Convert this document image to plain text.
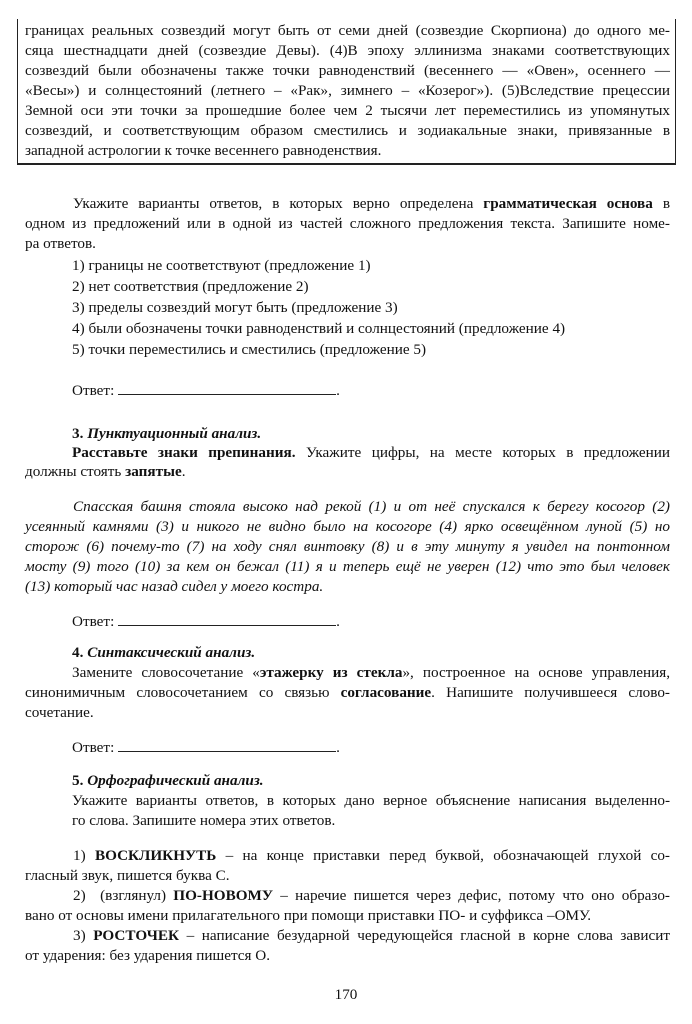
границах реальных созвездий могут быть от семи дней (созвездие Скорпиона) до одного ме-
сяца шестнадцати дней (созвездие Девы). (4)В эпоху эллинизма знаками соответствующих
созвездий были обозначены также точки равноденствий (весеннего — «Овен», осеннего —
«Весы») и солнцестояний (летнего – «Рак», зимнего – «Козерог»). (5)Вследствие прецессии
Земной оси эти точки за прошедшие более чем 2 тысячи лет переместились из упомянутых
созвездий, и соответствующим образом сместились и зодиакальные знаки, привязанные в
западной астрологии к точке весеннего равноденствия.
Укажите варианты ответов, в которых верно определена грамматическая основа в
одном из предложений или в одной из частей сложного предложения текста. Запишите номе-
ра ответов.
1) границы не соответствуют (предложение 1)
2) нет соответствия (предложение 2)
3) пределы созвездий могут быть (предложение 3)
4) были обозначены точки равноденствий и солнцестояний (предложение 4)
5) точки переместились и сместились (предложение 5)
Ответ:	.
3. Пунктуационный анализ.
Расставьте знаки препинания. Укажите цифры, на месте которых в предложении
должны стоять запятые.
Спасская башня стояла высоко над рекой (1) и от неё спускался к берегу косогор (2)
усеянный камнями (3) и никого не видно было на косогоре (4) ярко освещённом луной (5) но
сторож (6) почему-то (7) на ходу снял винтовку (8) и в эту минуту я увидел на понтонном
мосту (9) того (10) за кем он бежал (11) я и теперь ещё не уверен (12) что это был человек
(13) который час назад сидел у моего костра.
Ответ:	.
4. Синтаксический анализ.
Замените словосочетание «этажерку из стекла», построенное на основе управления,
синонимичным словосочетанием со связью согласование. Напишите получившееся слово-
сочетание.
Ответ:	.
5. Орфографический анализ.
Укажите варианты ответов, в которых дано верное объяснение написания выделенно-
го слова. Запишите номера этих ответов.
1) ВОСКЛИКНУТЬ – на конце приставки перед буквой, обозначающей глухой со-
гласный звук, пишется буква С.
2)  (взглянул) ПО-НОВОМУ – наречие пишется через дефис, потому что оно образо-
вано от основы имени прилагательного при помощи приставки ПО- и суффикса –ОМУ.
3) РОСТОЧЕК – написание безударной чередующейся гласной в корне слова зависит
от ударения: без ударения пишется О.
170
